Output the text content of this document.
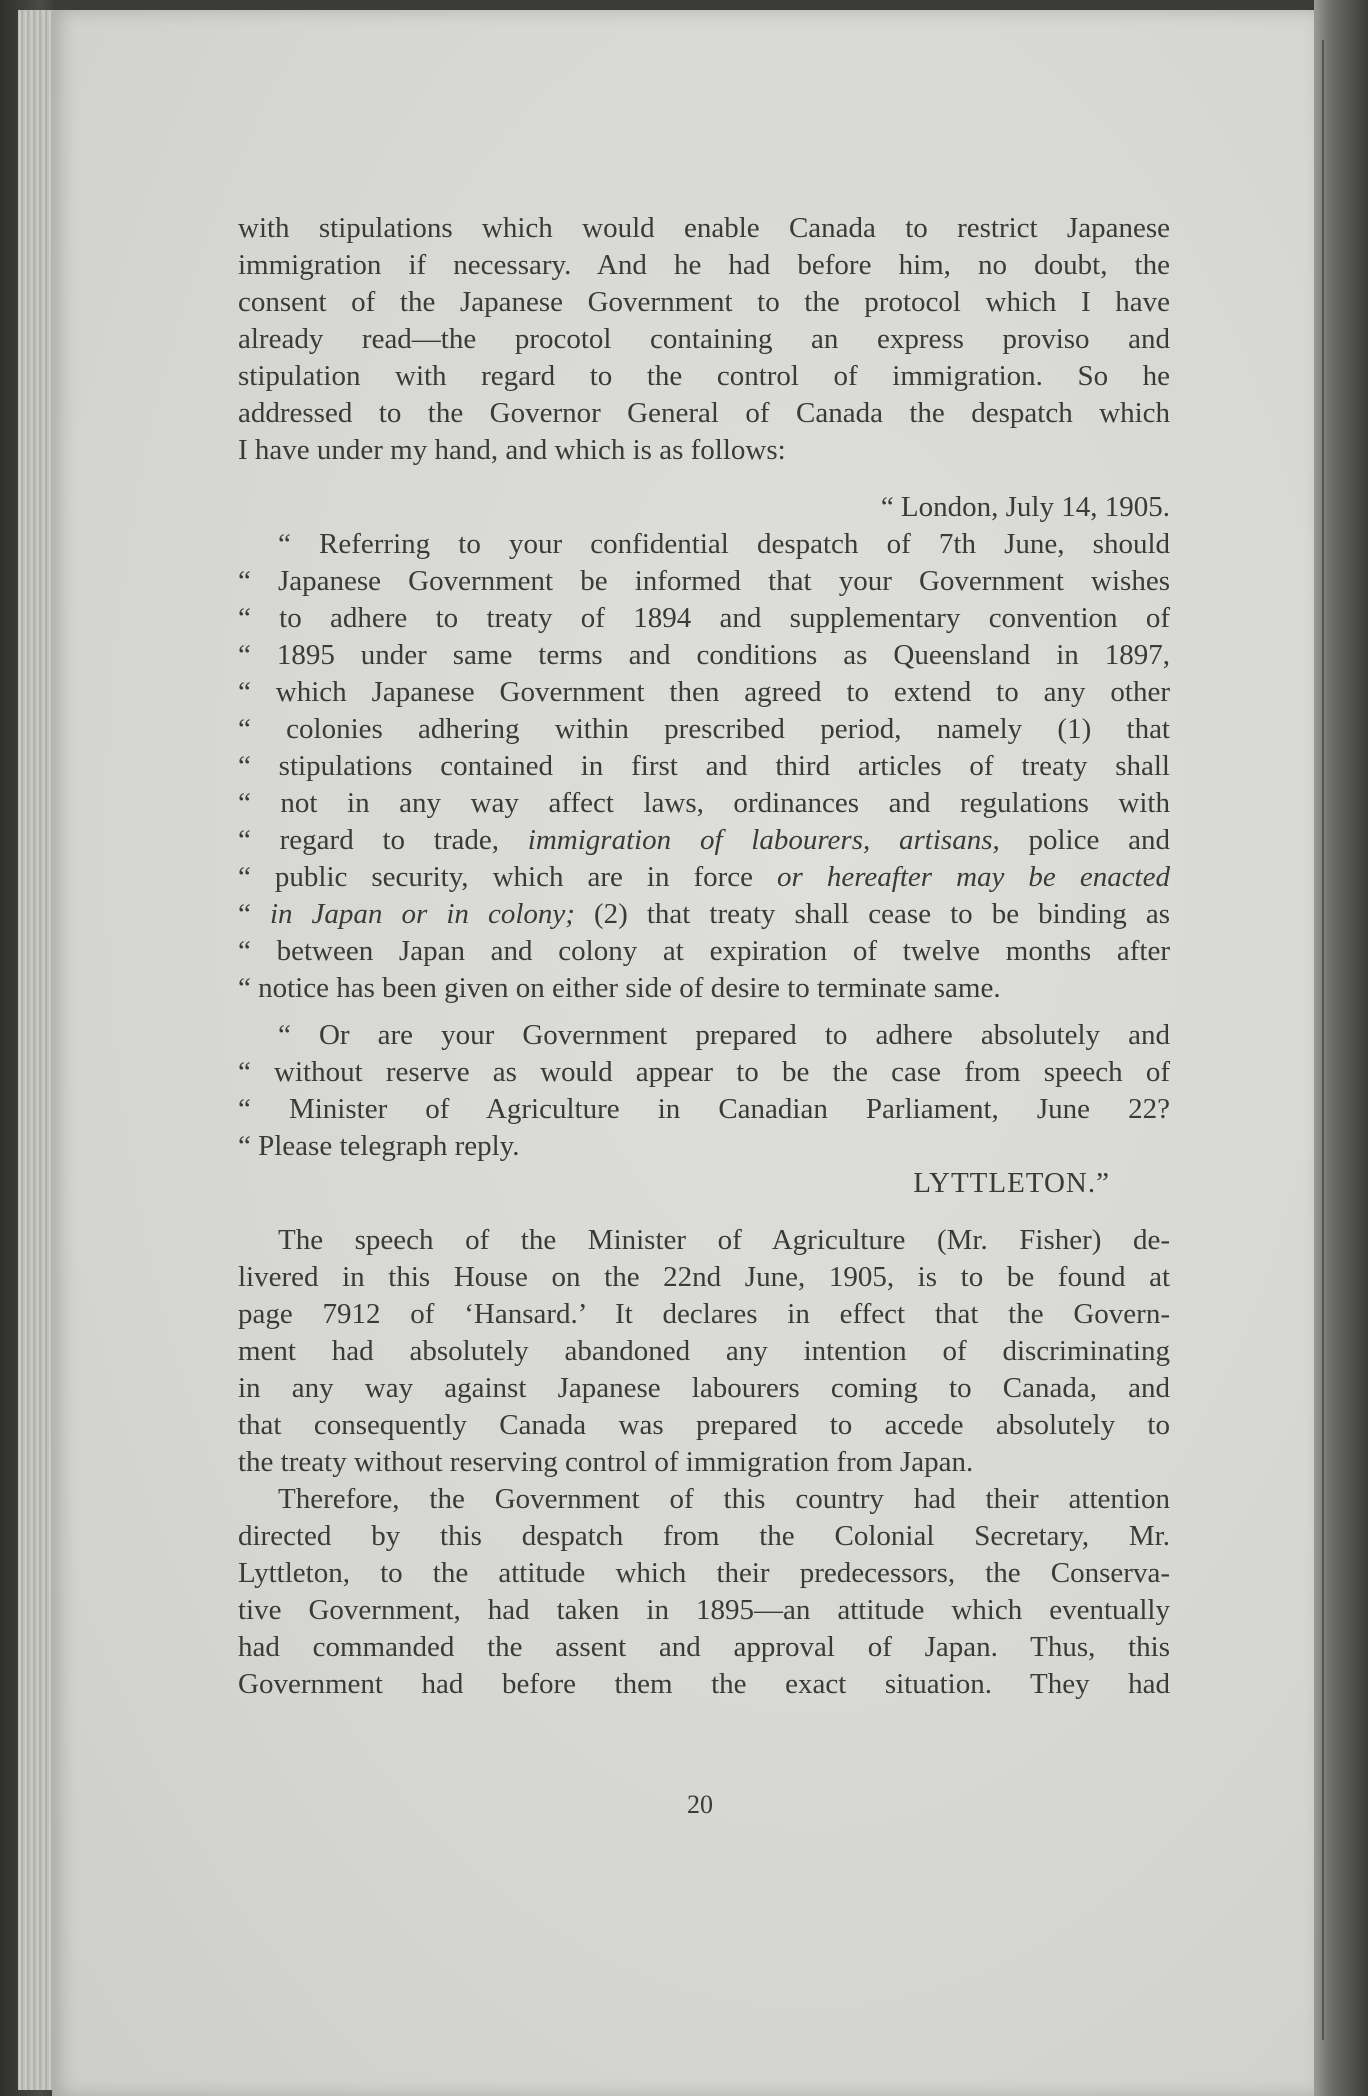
with stipulations which would enable Canada to restrict Japanese
immigration if necessary. And he had before him, no doubt, the
consent of the Japanese Government to the protocol which I have
already read—the procotol containing an express proviso and
stipulation with regard to the control of immigration. So he
addressed to the Governor General of Canada the despatch which
I have under my hand, and which is as follows:
“ London, July 14, 1905.
“ Referring to your confidential despatch of 7th June, should
“ Japanese Government be informed that your Government wishes
“ to adhere to treaty of 1894 and supplementary convention of
“ 1895 under same terms and conditions as Queensland in 1897,
“ which Japanese Government then agreed to extend to any other
“ colonies adhering within prescribed period, namely (1) that
“ stipulations contained in first and third articles of treaty shall
“ not in any way affect laws, ordinances and regulations with
“ regard to trade, immigration of labourers, artisans, police and
“ public security, which are in force or hereafter may be enacted
“ in Japan or in colony; (2) that treaty shall cease to be binding as
“ between Japan and colony at expiration of twelve months after
“ notice has been given on either side of desire to terminate same.
“ Or are your Government prepared to adhere absolutely and
“ without reserve as would appear to be the case from speech of
“ Minister of Agriculture in Canadian Parliament, June 22?
“ Please telegraph reply.
LYTTLETON.”
The speech of the Minister of Agriculture (Mr. Fisher) de-
livered in this House on the 22nd June, 1905, is to be found at
page 7912 of ‘Hansard.’ It declares in effect that the Govern-
ment had absolutely abandoned any intention of discriminating
in any way against Japanese labourers coming to Canada, and
that consequently Canada was prepared to accede absolutely to
the treaty without reserving control of immigration from Japan.
Therefore, the Government of this country had their attention
directed by this despatch from the Colonial Secretary, Mr.
Lyttleton, to the attitude which their predecessors, the Conserva-
tive Government, had taken in 1895—an attitude which eventually
had commanded the assent and approval of Japan. Thus, this
Government had before them the exact situation. They had
20
